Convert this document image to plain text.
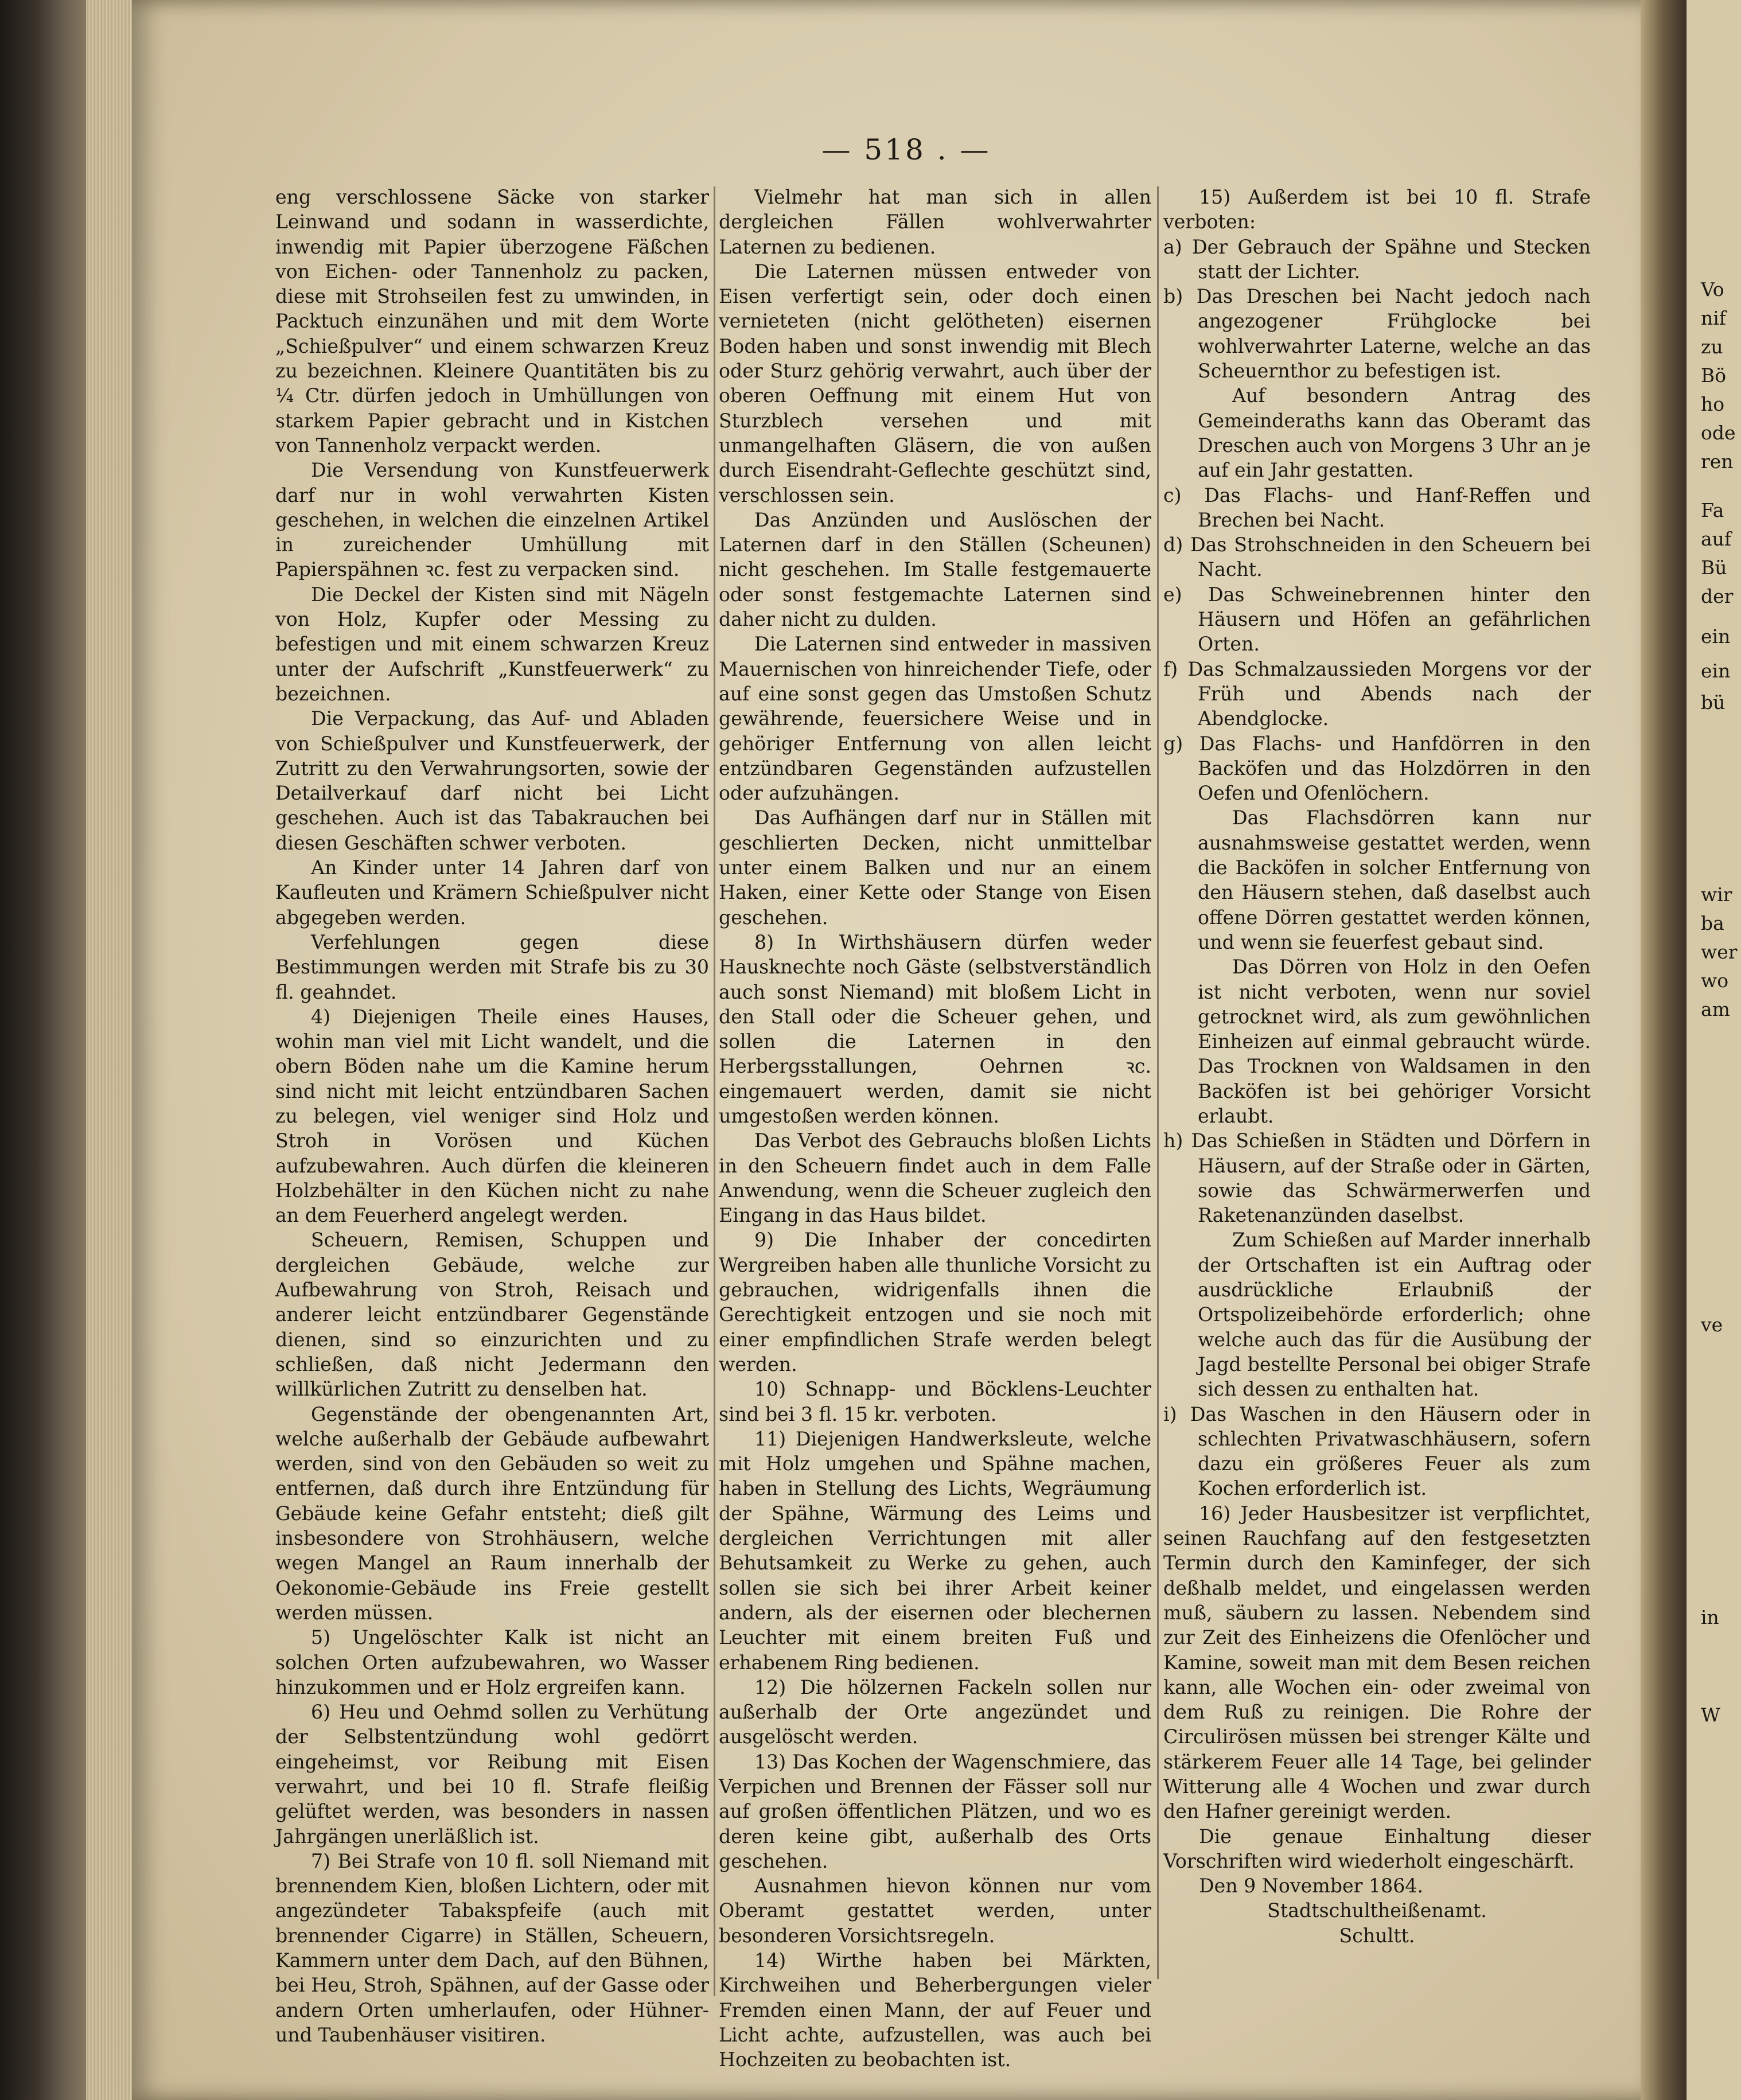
— 518 . —

eng verschlossene Säcke von starker Leinwand und sodann in wasserdichte, inwendig mit Papier überzogene Fäßchen von Eichen- oder Tannenholz zu packen, diese mit Strohseilen fest zu umwinden, in Packtuch einzunähen und mit dem Worte „Schießpulver“ und einem schwarzen Kreuz zu bezeichnen. Kleinere Quantitäten bis zu ¼ Ctr. dürfen jedoch in Umhüllungen von starkem Papier gebracht und in Kistchen von Tannenholz verpackt werden.

Die Versendung von Kunstfeuerwerk darf nur in wohl verwahrten Kisten geschehen, in welchen die einzelnen Artikel in zureichender Umhüllung mit Papierspähnen ꝛc. fest zu verpacken sind.

Die Deckel der Kisten sind mit Nägeln von Holz, Kupfer oder Messing zu befestigen und mit einem schwarzen Kreuz unter der Aufschrift „Kunstfeuerwerk“ zu bezeichnen.

Die Verpackung, das Auf- und Abladen von Schießpulver und Kunstfeuerwerk, der Zutritt zu den Verwahrungsorten, sowie der Detailverkauf darf nicht bei Licht geschehen. Auch ist das Tabakrauchen bei diesen Geschäften schwer verboten.

An Kinder unter 14 Jahren darf von Kaufleuten und Krämern Schießpulver nicht abgegeben werden.

Verfehlungen gegen diese Bestimmungen werden mit Strafe bis zu 30 fl. geahndet.

4) Diejenigen Theile eines Hauses, wohin man viel mit Licht wandelt, und die obern Böden nahe um die Kamine herum sind nicht mit leicht entzündbaren Sachen zu belegen, viel weniger sind Holz und Stroh in Vorösen und Küchen aufzubewahren. Auch dürfen die kleineren Holzbehälter in den Küchen nicht zu nahe an dem Feuerherd angelegt werden.

Scheuern, Remisen, Schuppen und dergleichen Gebäude, welche zur Aufbewahrung von Stroh, Reisach und anderer leicht entzündbarer Gegenstände dienen, sind so einzurichten und zu schließen, daß nicht Jedermann den willkürlichen Zutritt zu denselben hat.

Gegenstände der obengenannten Art, welche außerhalb der Gebäude aufbewahrt werden, sind von den Gebäuden so weit zu entfernen, daß durch ihre Entzündung für Gebäude keine Gefahr entsteht; dieß gilt insbesondere von Strohhäusern, welche wegen Mangel an Raum innerhalb der Oekonomie-Gebäude ins Freie gestellt werden müssen.

5) Ungelöschter Kalk ist nicht an solchen Orten aufzubewahren, wo Wasser hinzukommen und er Holz ergreifen kann.

6) Heu und Oehmd sollen zu Verhütung der Selbstentzündung wohl gedörrt eingeheimst, vor Reibung mit Eisen verwahrt, und bei 10 fl. Strafe fleißig gelüftet werden, was besonders in nassen Jahrgängen unerläßlich ist.

7) Bei Strafe von 10 fl. soll Niemand mit brennendem Kien, bloßen Lichtern, oder mit angezündeter Tabakspfeife (auch mit brennender Cigarre) in Ställen, Scheuern, Kammern unter dem Dach, auf den Bühnen, bei Heu, Stroh, Spähnen, auf der Gasse oder andern Orten umherlaufen, oder Hühner- und Taubenhäuser visitiren.

Vielmehr hat man sich in allen dergleichen Fällen wohlverwahrter Laternen zu bedienen.

Die Laternen müssen entweder von Eisen verfertigt sein, oder doch einen vernieteten (nicht gelötheten) eisernen Boden haben und sonst inwendig mit Blech oder Sturz gehörig verwahrt, auch über der oberen Oeffnung mit einem Hut von Sturzblech versehen und mit unmangelhaften Gläsern, die von außen durch Eisendraht-Geflechte geschützt sind, verschlossen sein.

Das Anzünden und Auslöschen der Laternen darf in den Ställen (Scheunen) nicht geschehen. Im Stalle festgemauerte oder sonst festgemachte Laternen sind daher nicht zu dulden.

Die Laternen sind entweder in massiven Mauernischen von hinreichender Tiefe, oder auf eine sonst gegen das Umstoßen Schutz gewährende, feuersichere Weise und in gehöriger Entfernung von allen leicht entzündbaren Gegenständen aufzustellen oder aufzuhängen.

Das Aufhängen darf nur in Ställen mit geschlierten Decken, nicht unmittelbar unter einem Balken und nur an einem Haken, einer Kette oder Stange von Eisen geschehen.

8) In Wirthshäusern dürfen weder Hausknechte noch Gäste (selbstverständlich auch sonst Niemand) mit bloßem Licht in den Stall oder die Scheuer gehen, und sollen die Laternen in den Herbergsstallungen, Oehrnen ꝛc. eingemauert werden, damit sie nicht umgestoßen werden können.

Das Verbot des Gebrauchs bloßen Lichts in den Scheuern findet auch in dem Falle Anwendung, wenn die Scheuer zugleich den Eingang in das Haus bildet.

9) Die Inhaber der concedirten Wergreiben haben alle thunliche Vorsicht zu gebrauchen, widrigenfalls ihnen die Gerechtigkeit entzogen und sie noch mit einer empfindlichen Strafe werden belegt werden.

10) Schnapp- und Böcklens-Leuchter sind bei 3 fl. 15 kr. verboten.

11) Diejenigen Handwerksleute, welche mit Holz umgehen und Spähne machen, haben in Stellung des Lichts, Wegräumung der Spähne, Wärmung des Leims und dergleichen Verrichtungen mit aller Behutsamkeit zu Werke zu gehen, auch sollen sie sich bei ihrer Arbeit keiner andern, als der eisernen oder blechernen Leuchter mit einem breiten Fuß und erhabenem Ring bedienen.

12) Die hölzernen Fackeln sollen nur außerhalb der Orte angezündet und ausgelöscht werden.

13) Das Kochen der Wagenschmiere, das Verpichen und Brennen der Fässer soll nur auf großen öffentlichen Plätzen, und wo es deren keine gibt, außerhalb des Orts geschehen.

Ausnahmen hievon können nur vom Oberamt gestattet werden, unter besonderen Vorsichtsregeln.

14) Wirthe haben bei Märkten, Kirchweihen und Beherbergungen vieler Fremden einen Mann, der auf Feuer und Licht achte, aufzustellen, was auch bei Hochzeiten zu beobachten ist.

15) Außerdem ist bei 10 fl. Strafe verboten:

a) Der Gebrauch der Spähne und Stecken statt der Lichter.

b) Das Dreschen bei Nacht jedoch nach angezogener Frühglocke bei wohlverwahrter Laterne, welche an das Scheuernthor zu befestigen ist.

Auf besondern Antrag des Gemeinderaths kann das Oberamt das Dreschen auch von Morgens 3 Uhr an je auf ein Jahr gestatten.

c) Das Flachs- und Hanf-Reffen und Brechen bei Nacht.

d) Das Strohschneiden in den Scheuern bei Nacht.

e) Das Schweinebrennen hinter den Häusern und Höfen an gefährlichen Orten.

f) Das Schmalzaussieden Morgens vor der Früh und Abends nach der Abendglocke.

g) Das Flachs- und Hanfdörren in den Backöfen und das Holzdörren in den Oefen und Ofenlöchern.

Das Flachsdörren kann nur ausnahmsweise gestattet werden, wenn die Backöfen in solcher Entfernung von den Häusern stehen, daß daselbst auch offene Dörren gestattet werden können, und wenn sie feuerfest gebaut sind.

Das Dörren von Holz in den Oefen ist nicht verboten, wenn nur soviel getrocknet wird, als zum gewöhnlichen Einheizen auf einmal gebraucht würde. Das Trocknen von Waldsamen in den Backöfen ist bei gehöriger Vorsicht erlaubt.

h) Das Schießen in Städten und Dörfern in Häusern, auf der Straße oder in Gärten, sowie das Schwärmerwerfen und Raketenanzünden daselbst.

Zum Schießen auf Marder innerhalb der Ortschaften ist ein Auftrag oder ausdrückliche Erlaubniß der Ortspolizeibehörde erforderlich; ohne welche auch das für die Ausübung der Jagd bestellte Personal bei obiger Strafe sich dessen zu enthalten hat.

i) Das Waschen in den Häusern oder in schlechten Privatwaschhäusern, sofern dazu ein größeres Feuer als zum Kochen erforderlich ist.

16) Jeder Hausbesitzer ist verpflichtet, seinen Rauchfang auf den festgesetzten Termin durch den Kaminfeger, der sich deßhalb meldet, und eingelassen werden muß, säubern zu lassen. Nebendem sind zur Zeit des Einheizens die Ofenlöcher und Kamine, soweit man mit dem Besen reichen kann, alle Wochen ein- oder zweimal von dem Ruß zu reinigen. Die Rohre der Circulirösen müssen bei strenger Kälte und stärkerem Feuer alle 14 Tage, bei gelinder Witterung alle 4 Wochen und zwar durch den Hafner gereinigt werden.

Die genaue Einhaltung dieser Vorschriften wird wiederholt eingeschärft.

Den 9 November 1864.

Stadtschultheißenamt.

Schultt.

Vo
nif
zu
Bö
ho
ode
ren
Fa
auf
Bü
der
ein
ein
bü
wir
ba
wer
wo
am
ve
in
W
